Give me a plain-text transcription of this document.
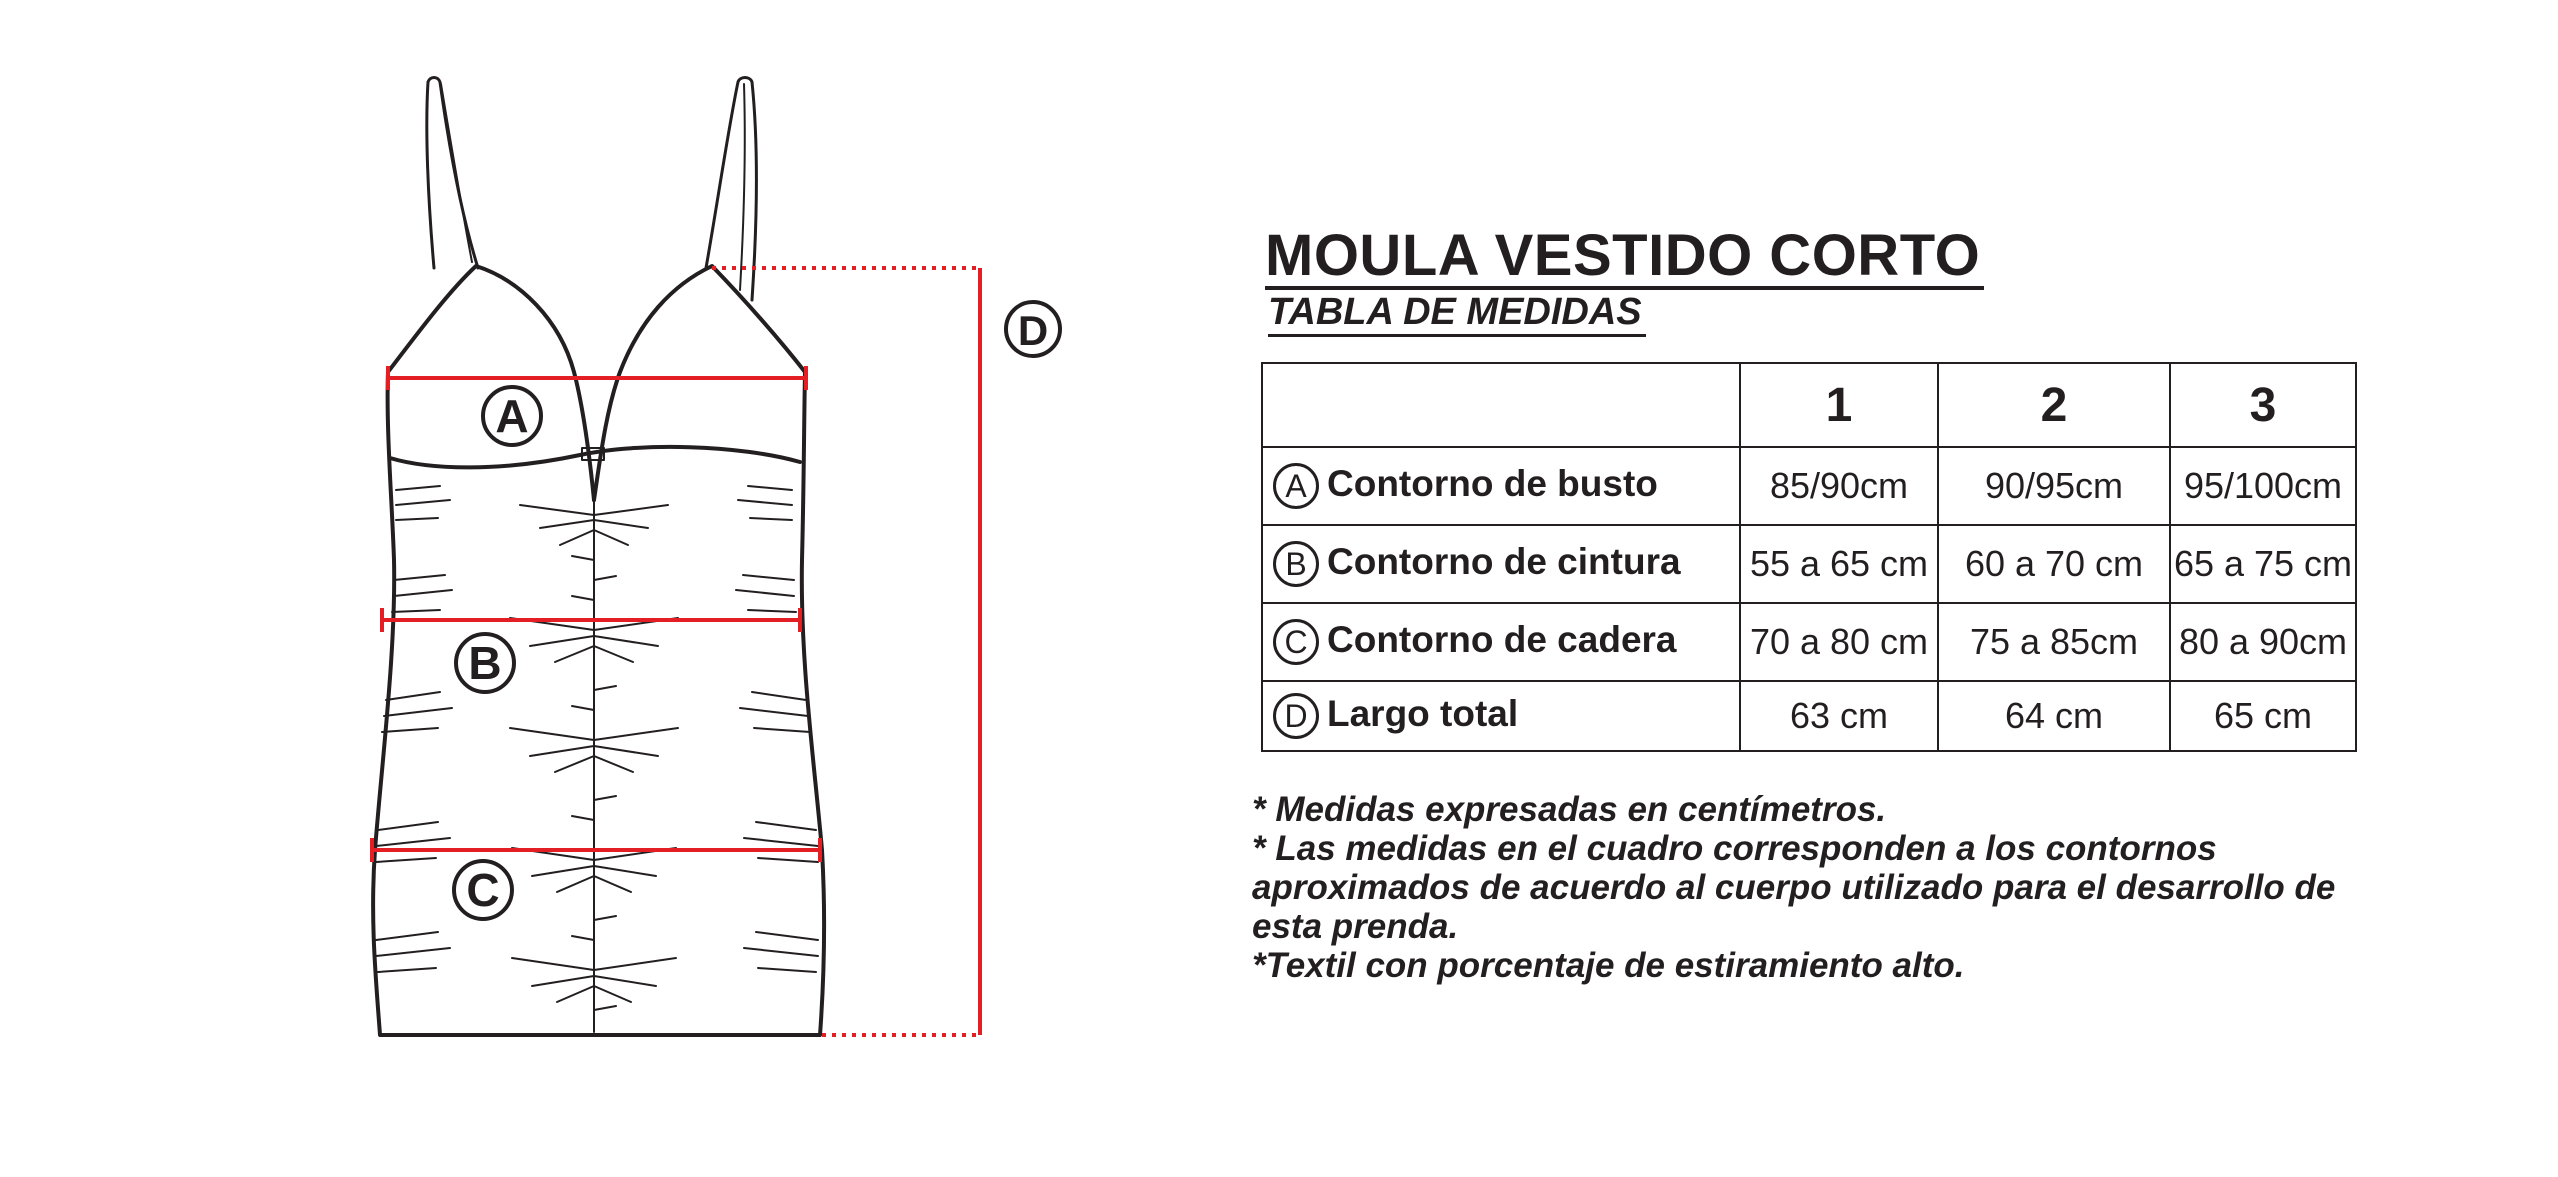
A
B
C
D
MOULA VESTIDO CORTO
TABLA DE MEDIDAS
	1	2	3
A Contorno de busto	85/90cm	90/95cm	95/100cm
B Contorno de cintura	55 a 65 cm	60 a 70 cm	65 a 75 cm
C Contorno de cadera	70 a 80 cm	75 a 85cm	80 a 90cm
D Largo total	63 cm	64 cm	65 cm

* Medidas expresadas en centímetros.

* Las medidas en el cuadro corresponden a los contornos aproximados de acuerdo al cuerpo utilizado para el desarrollo de esta prenda.

*Textil con porcentaje de estiramiento alto.
